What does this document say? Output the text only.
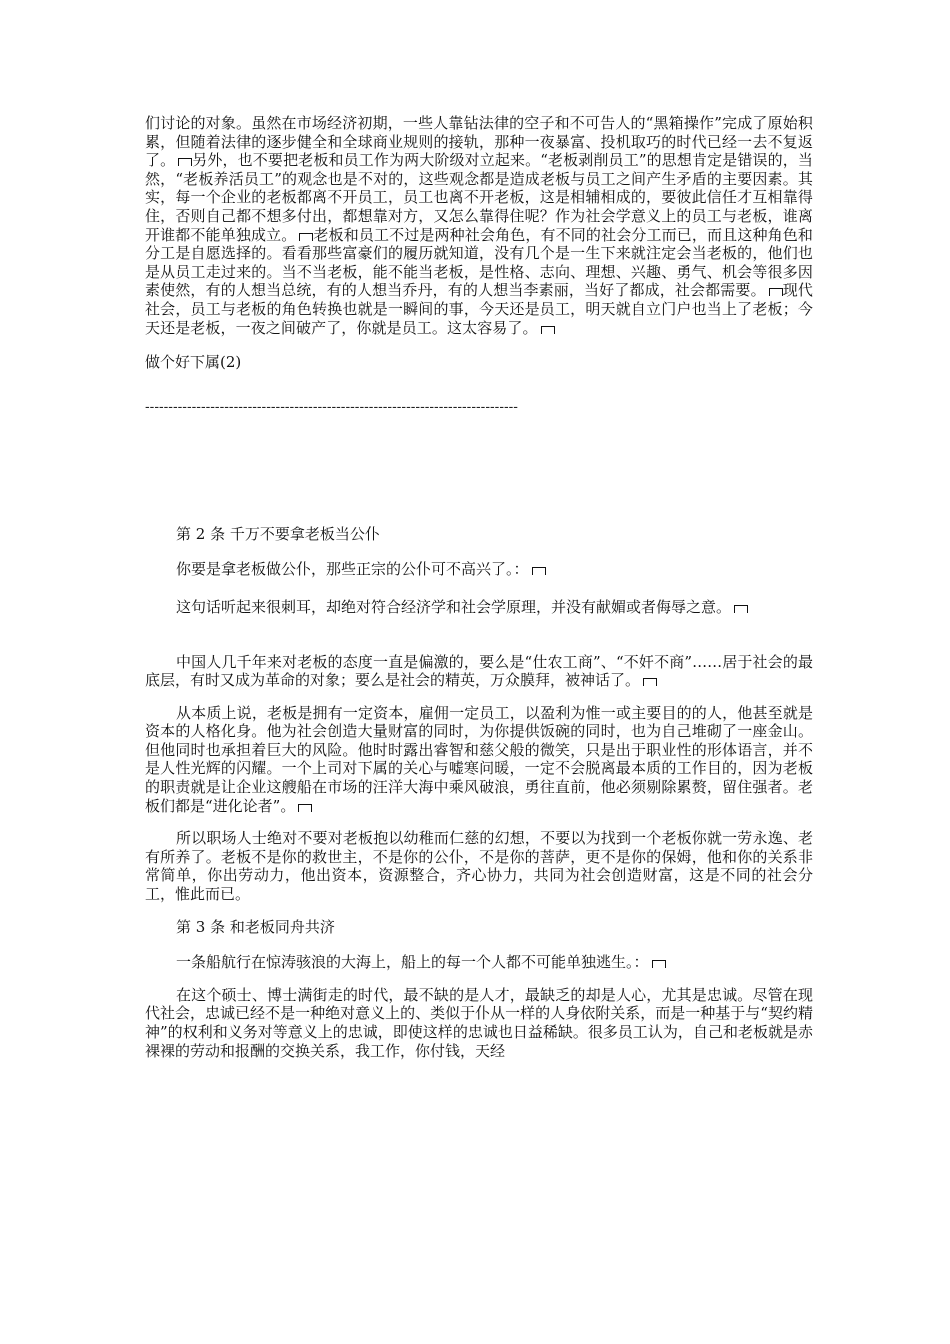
们讨论的对象。虽然在市场经济初期，一些人靠钻法律的空子和不可告人的“黑箱操作”完成了原始积累，但随着法律的逐步健全和全球商业规则的接轨，那种一夜暴富、投机取巧的时代已经一去不复返了。 另外，也不要把老板和员工作为两大阶级对立起来。“老板剥削员工”的思想肯定是错误的，当然，“老板养活员工”的观念也是不对的，这些观念都是造成老板与员工之间产生矛盾的主要因素。其实，每一个企业的老板都离不开员工，员工也离不开老板，这是相辅相成的，要彼此信任才互相靠得住，否则自己都不想多付出，都想靠对方，又怎么靠得住呢？作为社会学意义上的员工与老板，谁离开谁都不能单独成立。 老板和员工不过是两种社会角色，有不同的社会分工而已，而且这种角色和分工是自愿选择的。看看那些富豪们的履历就知道，没有几个是一生下来就注定会当老板的，他们也是从员工走过来的。当不当老板，能不能当老板，是性格、志向、理想、兴趣、勇气、机会等很多因素使然，有的人想当总统，有的人想当乔丹，有的人想当李素丽，当好了都成，社会都需要。 现代社会，员工与老板的角色转换也就是一瞬间的事，今天还是员工，明天就自立门户也当上了老板；今天还是老板，一夜之间破产了，你就是员工。这太容易了。

做个好下属(2)

--------------------------------------------------------------------------------

第 2 条 千万不要拿老板当公仆

你要是拿老板做公仆，那些正宗的公仆可不高兴了。：

这句话听起来很刺耳，却绝对符合经济学和社会学原理，并没有献媚或者侮辱之意。

中国人几千年来对老板的态度一直是偏激的，要么是“仕农工商”、“不奸不商”……居于社会的最底层，有时又成为革命的对象；要么是社会的精英，万众膜拜，被神话了。

从本质上说，老板是拥有一定资本，雇佣一定员工，以盈利为惟一或主要目的的人，他甚至就是资本的人格化身。他为社会创造大量财富的同时，为你提供饭碗的同时，也为自己堆砌了一座金山。但他同时也承担着巨大的风险。他时时露出睿智和慈父般的微笑，只是出于职业性的形体语言，并不是人性光辉的闪耀。一个上司对下属的关心与嘘寒问暖，一定不会脱离最本质的工作目的，因为老板的职责就是让企业这艘船在市场的汪洋大海中乘风破浪，勇往直前，他必须剔除累赘，留住强者。老板们都是“进化论者”。

所以职场人士绝对不要对老板抱以幼稚而仁慈的幻想，不要以为找到一个老板你就一劳永逸、老有所养了。老板不是你的救世主，不是你的公仆，不是你的菩萨，更不是你的保姆，他和你的关系非常简单，你出劳动力，他出资本，资源整合，齐心协力，共同为社会创造财富，这是不同的社会分工，惟此而已。

第 3 条 和老板同舟共济

一条船航行在惊涛骇浪的大海上，船上的每一个人都不可能单独逃生。：

在这个硕士、博士满街走的时代，最不缺的是人才，最缺乏的却是人心，尤其是忠诚。尽管在现代社会，忠诚已经不是一种绝对意义上的、类似于仆从一样的人身依附关系，而是一种基于与“契约精神”的权利和义务对等意义上的忠诚，即使这样的忠诚也日益稀缺。很多员工认为，自己和老板就是赤裸裸的劳动和报酬的交换关系，我工作，你付钱，天经
